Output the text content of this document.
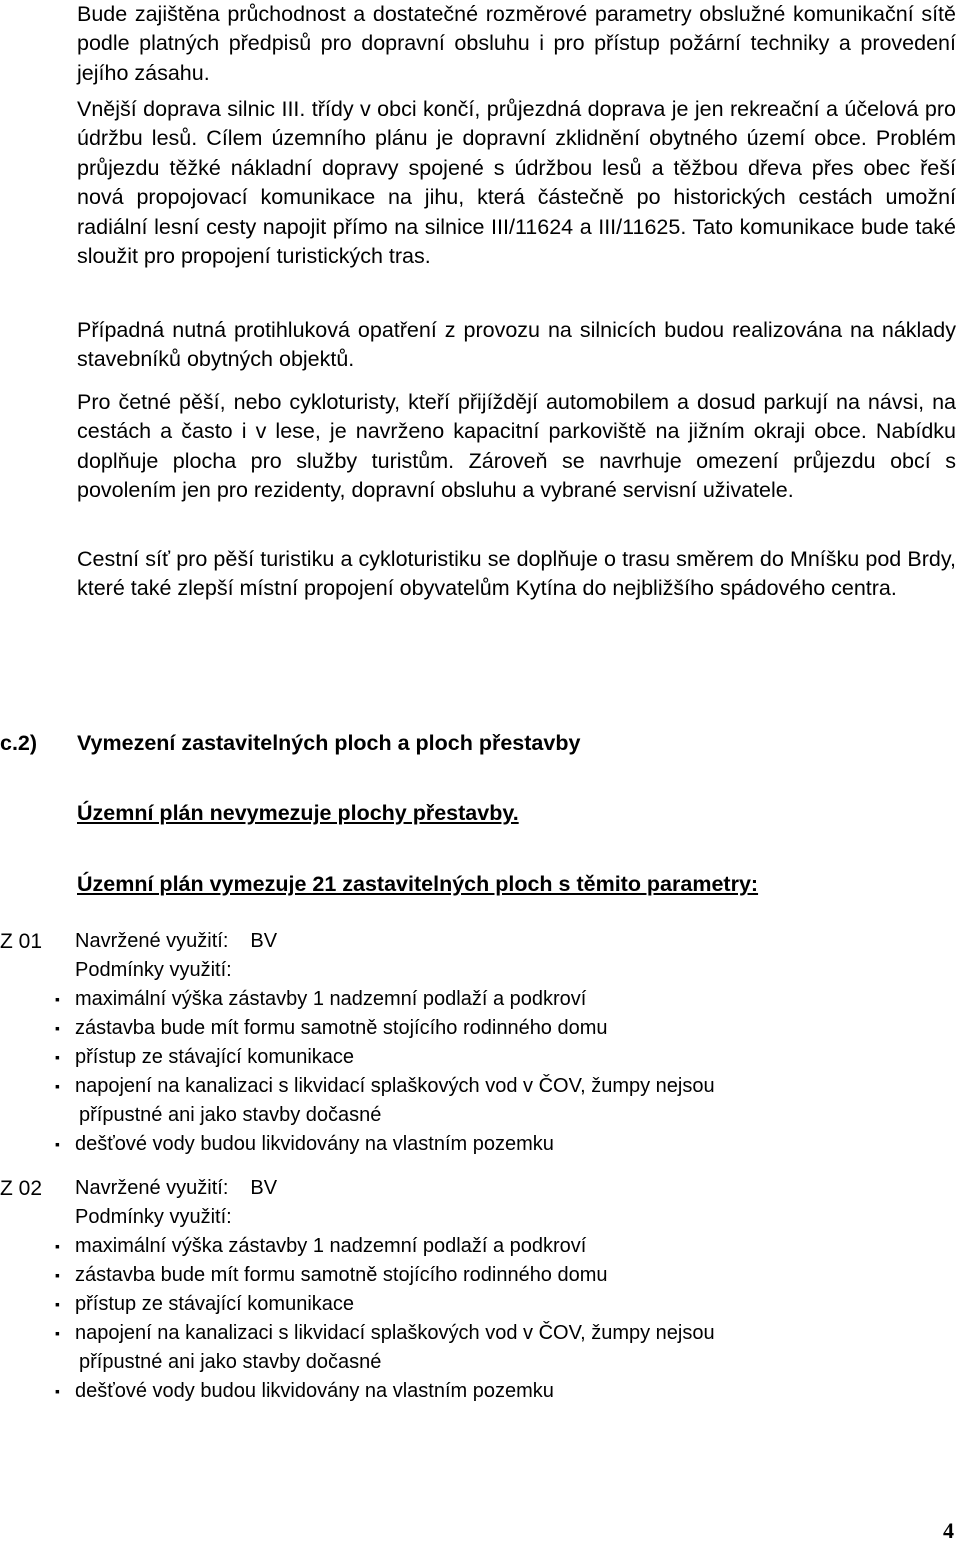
Bude zajištěna průchodnost a dostatečné rozměrové parametry obslužné komunikační sítě podle platných předpisů pro dopravní obsluhu i pro přístup požární techniky a provedení jejího zásahu.

Vnější doprava silnic III. třídy v obci končí, průjezdná doprava je jen rekreační a účelová pro údržbu lesů. Cílem územního plánu je dopravní zklidnění obytného území obce. Problém průjezdu těžké nákladní dopravy spojené s údržbou lesů a těžbou dřeva přes obec řeší nová propojovací komunikace na jihu, která částečně po historických cestách umožní radiální lesní cesty napojit přímo na silnice III/11624 a III/11625. Tato komunikace bude také sloužit pro propojení turistických tras.

Případná nutná protihluková opatření z provozu na silnicích budou realizována na náklady stavebníků obytných objektů.

Pro četné pěší, nebo cykloturisty, kteří přijíždějí automobilem a dosud parkují na návsi, na cestách a často i v lese, je navrženo kapacitní parkoviště na jižním okraji obce. Nabídku doplňuje plocha pro služby turistům. Zároveň se navrhuje omezení průjezdu obcí s povolením jen pro rezidenty, dopravní obsluhu a vybrané servisní uživatele.

Cestní síť pro pěší turistiku a cykloturistiku se doplňuje o trasu směrem do Mníšku pod Brdy, které také zlepší místní propojení obyvatelům Kytína do nejbližšího spádového centra.

c.2) Vymezení zastavitelných ploch a ploch přestavby
Územní plán nevymezuje plochy přestavby.
Územní plán vymezuje 21 zastavitelných ploch s těmito parametry:
Z 01 Navržené využití: BV
Podmínky využití:
▪ maximální výška zástavby 1 nadzemní podlaží a podkroví
▪ zástavba bude mít formu samotně stojícího rodinného domu
▪ přístup ze stávající komunikace
▪ napojení na kanalizaci s likvidací splaškových vod v ČOV, žumpy nejsou
přípustné ani jako stavby dočasné
▪ dešťové vody budou likvidovány na vlastním pozemku
Z 02 Navržené využití: BV
Podmínky využití:
▪ maximální výška zástavby 1 nadzemní podlaží a podkroví
▪ zástavba bude mít formu samotně stojícího rodinného domu
▪ přístup ze stávající komunikace
▪ napojení na kanalizaci s likvidací splaškových vod v ČOV, žumpy nejsou
přípustné ani jako stavby dočasné
▪ dešťové vody budou likvidovány na vlastním pozemku
4
